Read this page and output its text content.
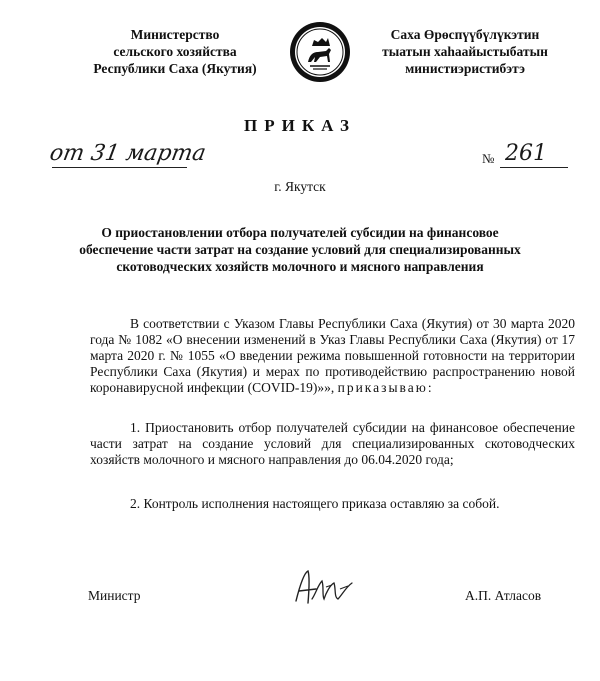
Министерство
сельского хозяйства
Республики Саха (Якутия)
Саха Өрөспүүбүлүкэтин
тыатын хаһаайыстыбатын
министиэристибэтэ
ПРИКАЗ
от 31 марта	№ 261
г. Якутск
О приостановлении отбора получателей субсидии на финансовое обеспечение части затрат на создание условий для специализированных скотоводческих хозяйств молочного и мясного направления
В соответствии с Указом Главы Республики Саха (Якутия) от 30 марта 2020 года № 1082 «О внесении изменений в Указ Главы Республики Саха (Якутия) от 17 марта 2020 г. № 1055 «О введении режима повышенной готовности на территории Республики Саха (Якутия) и мерах по противодействию распространению новой коронавирусной инфекции (COVID-19)»», приказываю:
1. Приостановить отбор получателей субсидии на финансовое обеспечение части затрат на создание условий для специализированных скотоводческих хозяйств молочного и мясного направления до 06.04.2020 года;
2. Контроль исполнения настоящего приказа оставляю за собой.
Министр	А.П. Атласов
